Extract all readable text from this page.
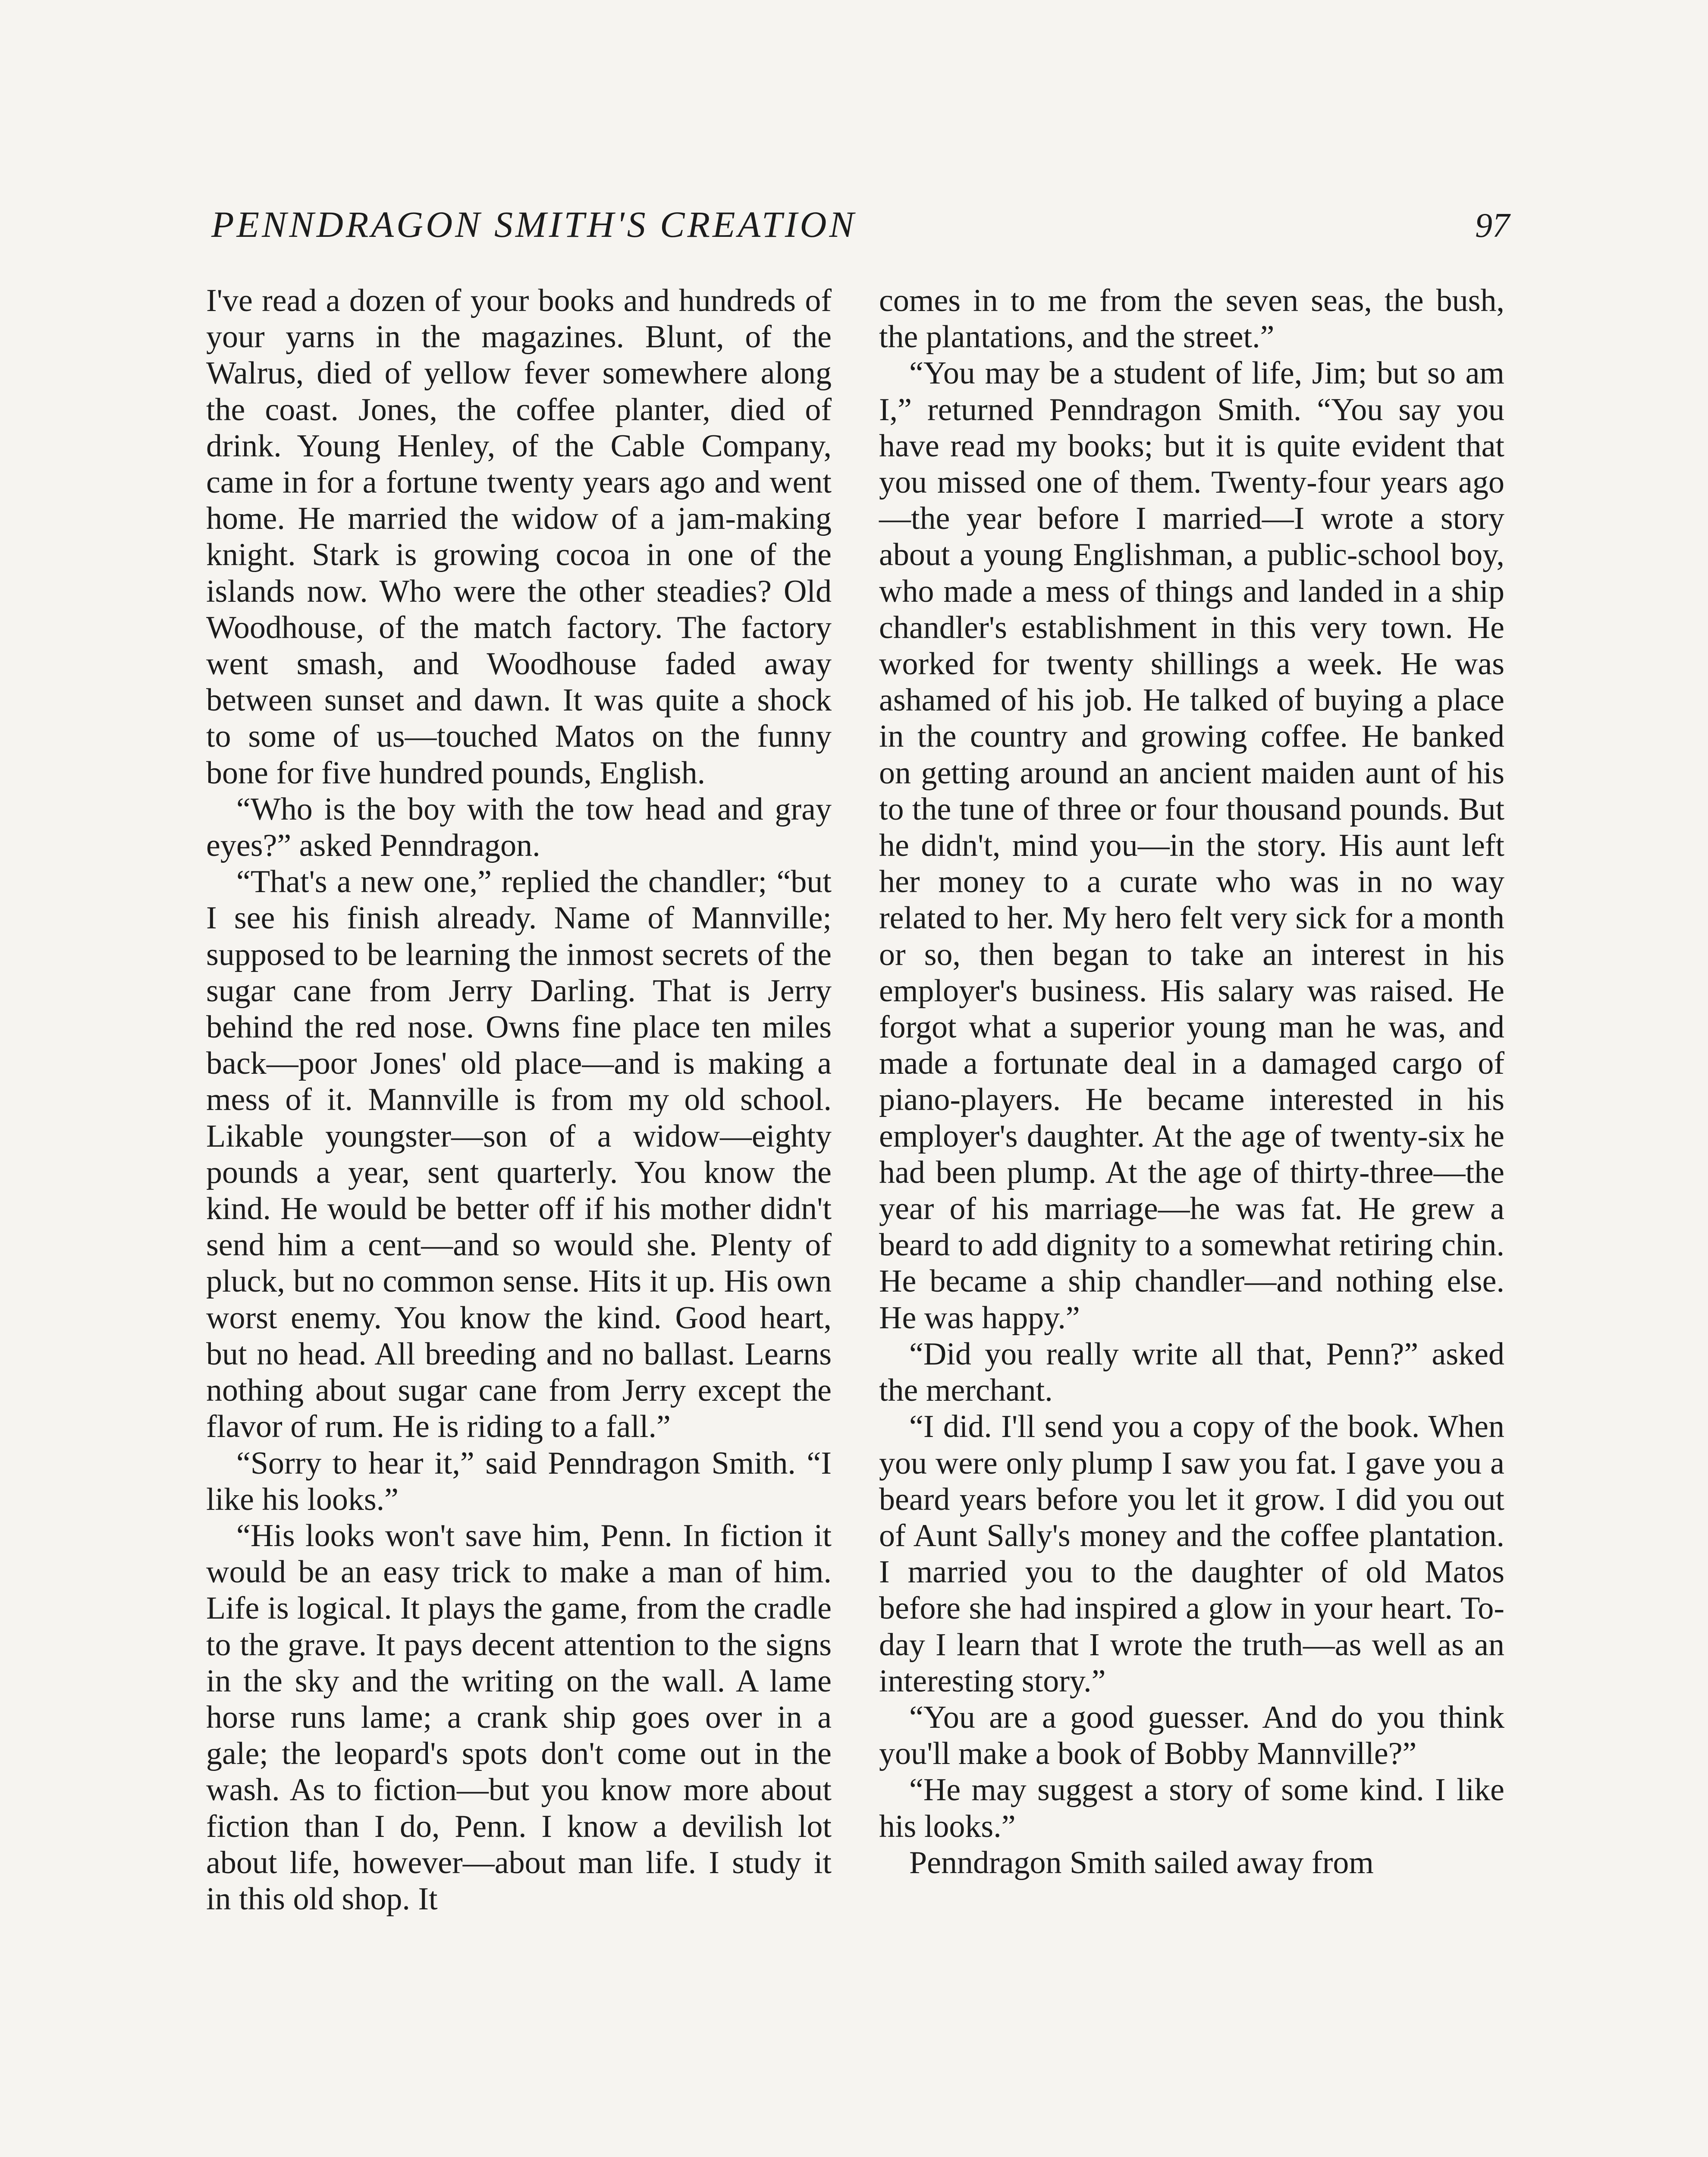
PENNDRAGON SMITH'S CREATION	97

I've read a dozen of your books and hundreds of your yarns in the magazines. Blunt, of the Walrus, died of yellow fever somewhere along the coast. Jones, the coffee planter, died of drink. Young Henley, of the Cable Company, came in for a fortune twenty years ago and went home. He married the widow of a jam-making knight. Stark is growing cocoa in one of the islands now. Who were the other steadies? Old Woodhouse, of the match factory. The factory went smash, and Woodhouse faded away between sunset and dawn. It was quite a shock to some of us—touched Matos on the funny bone for five hundred pounds, English.

“Who is the boy with the tow head and gray eyes?” asked Penndragon.

“That's a new one,” replied the chandler; “but I see his finish already. Name of Mannville; supposed to be learning the inmost secrets of the sugar cane from Jerry Darling. That is Jerry behind the red nose. Owns fine place ten miles back—poor Jones' old place—and is making a mess of it. Mannville is from my old school. Likable youngster—son of a widow—eighty pounds a year, sent quarterly. You know the kind. He would be better off if his mother didn't send him a cent—and so would she. Plenty of pluck, but no common sense. Hits it up. His own worst enemy. You know the kind. Good heart, but no head. All breeding and no ballast. Learns nothing about sugar cane from Jerry except the flavor of rum. He is riding to a fall.”

“Sorry to hear it,” said Penndragon Smith. “I like his looks.”

“His looks won't save him, Penn. In fiction it would be an easy trick to make a man of him. Life is logical. It plays the game, from the cradle to the grave. It pays decent attention to the signs in the sky and the writing on the wall. A lame horse runs lame; a crank ship goes over in a gale; the leopard's spots don't come out in the wash. As to fiction—but you know more about fiction than I do, Penn. I know a devilish lot about life, however—about man life. I study it in this old shop. It

comes in to me from the seven seas, the bush, the plantations, and the street.”

“You may be a student of life, Jim; but so am I,” returned Penndragon Smith. “You say you have read my books; but it is quite evident that you missed one of them. Twenty-four years ago—the year before I married—I wrote a story about a young Englishman, a public-school boy, who made a mess of things and landed in a ship chandler's establishment in this very town. He worked for twenty shillings a week. He was ashamed of his job. He talked of buying a place in the country and growing coffee. He banked on getting around an ancient maiden aunt of his to the tune of three or four thousand pounds. But he didn't, mind you—in the story. His aunt left her money to a curate who was in no way related to her. My hero felt very sick for a month or so, then began to take an interest in his employer's business. His salary was raised. He forgot what a superior young man he was, and made a fortunate deal in a damaged cargo of piano-players. He became interested in his employer's daughter. At the age of twenty-six he had been plump. At the age of thirty-three—the year of his marriage—he was fat. He grew a beard to add dignity to a somewhat retiring chin. He became a ship chandler—and nothing else. He was happy.”

“Did you really write all that, Penn?” asked the merchant.

“I did. I'll send you a copy of the book. When you were only plump I saw you fat. I gave you a beard years before you let it grow. I did you out of Aunt Sally's money and the coffee plantation. I married you to the daughter of old Matos before she had inspired a glow in your heart. To-day I learn that I wrote the truth—as well as an interesting story.”

“You are a good guesser. And do you think you'll make a book of Bobby Mannville?”

“He may suggest a story of some kind. I like his looks.”

Penndragon Smith sailed away from
